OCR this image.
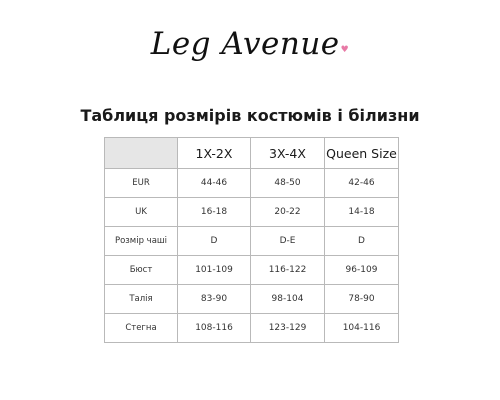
Leg Avenue♥
Таблиця розмірів костюмів і білизни
	1X-2X	3X-4X	Queen Size
EUR	44-46	48-50	42-46
UK	16-18	20-22	14-18
Розмір чаші	D	D-E	D
Бюст	101-109	116-122	96-109
Талія	83-90	98-104	78-90
Стегна	108-116	123-129	104-116
